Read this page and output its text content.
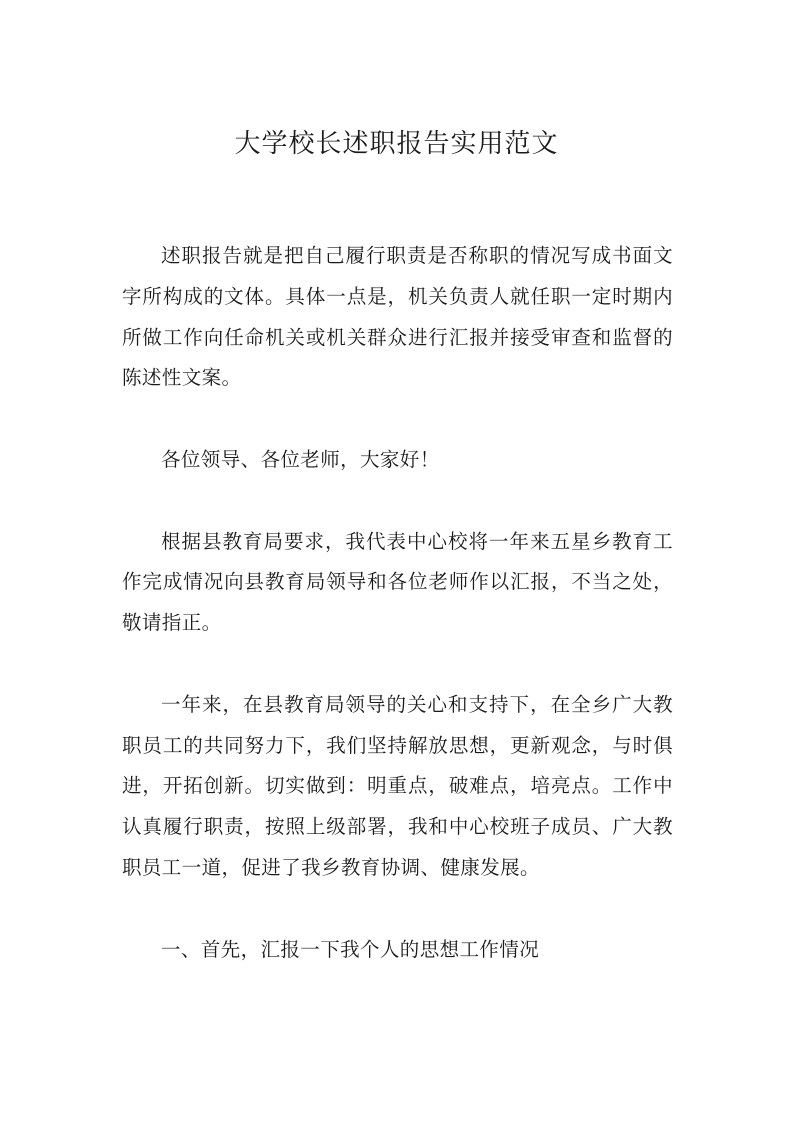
大学校长述职报告实用范文

述职报告就是把自己履行职责是否称职的情况写成书面文字所构成的文体。具体一点是，机关负责人就任职一定时期内所做工作向任命机关或机关群众进行汇报并接受审查和监督的陈述性文案。

各位领导、各位老师，大家好！

根据县教育局要求，我代表中心校将一年来五星乡教育工作完成情况向县教育局领导和各位老师作以汇报，不当之处，敬请指正。

一年来，在县教育局领导的关心和支持下，在全乡广大教职员工的共同努力下，我们坚持解放思想，更新观念，与时俱进，开拓创新。切实做到：明重点，破难点，培亮点。工作中认真履行职责，按照上级部署，我和中心校班子成员、广大教职员工一道，促进了我乡教育协调、健康发展。

一、首先，汇报一下我个人的思想工作情况
